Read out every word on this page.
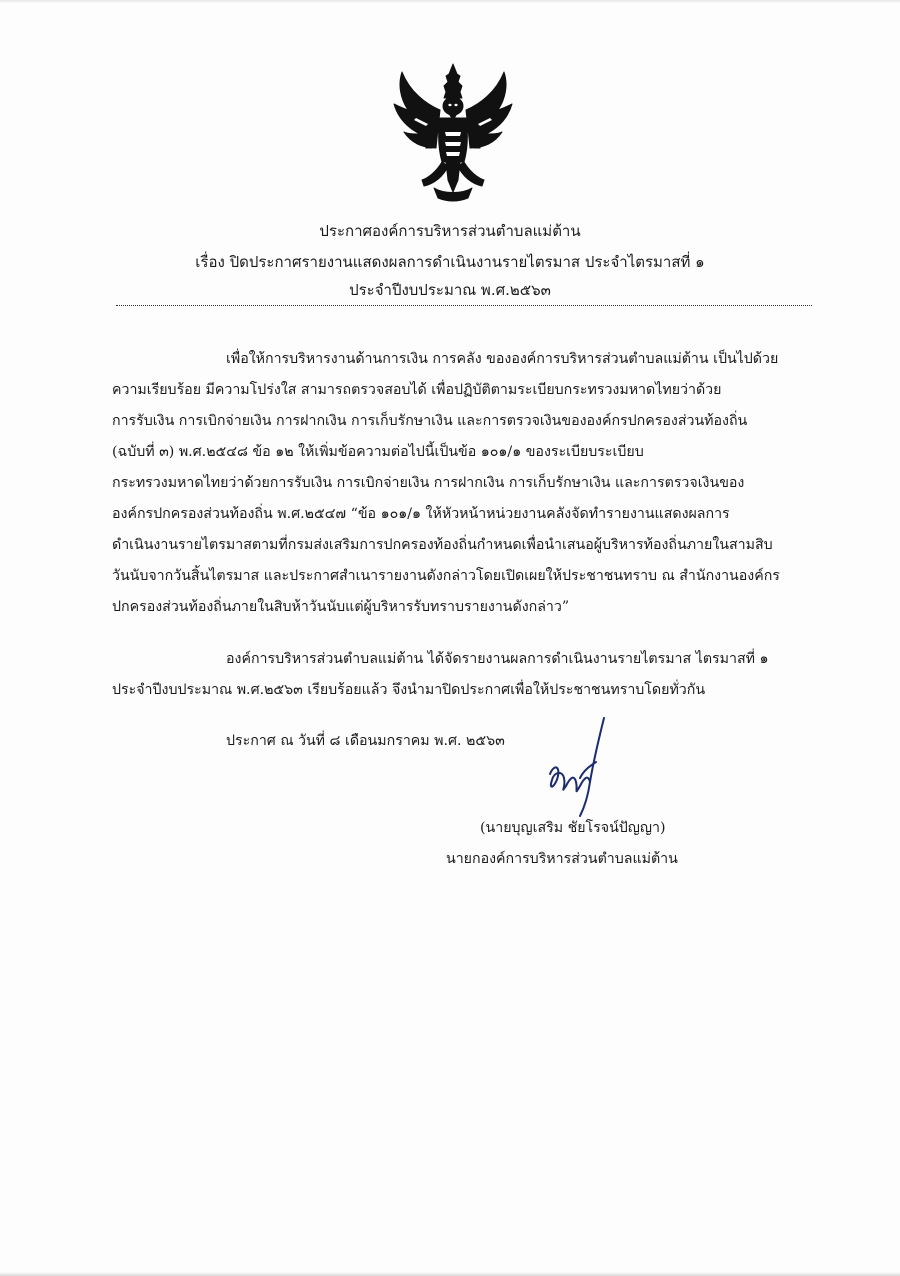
ประกาศองค์การบริหารส่วนตำบลแม่ต้าน
เรื่อง ปิดประกาศรายงานแสดงผลการดำเนินงานรายไตรมาส ประจำไตรมาสที่ ๑
ประจำปีงบประมาณ พ.ศ.๒๕๖๓

เพื่อให้การบริหารงานด้านการเงิน การคลัง ขององค์การบริหารส่วนตำบลแม่ต้าน เป็นไปด้วย

ความเรียบร้อย มีความโปร่งใส สามารถตรวจสอบได้ เพื่อปฏิบัติตามระเบียบกระทรวงมหาดไทยว่าด้วย

การรับเงิน การเบิกจ่ายเงิน การฝากเงิน การเก็บรักษาเงิน และการตรวจเงินขององค์กรปกครองส่วนท้องถิ่น

(ฉบับที่ ๓) พ.ศ.๒๕๔๘ ข้อ ๑๒ ให้เพิ่มข้อความต่อไปนี้เป็นข้อ ๑๐๑/๑ ของระเบียบระเบียบ

กระทรวงมหาดไทยว่าด้วยการรับเงิน การเบิกจ่ายเงิน การฝากเงิน การเก็บรักษาเงิน และการตรวจเงินของ

องค์กรปกครองส่วนท้องถิ่น พ.ศ.๒๕๔๗ “ข้อ ๑๐๑/๑ ให้หัวหน้าหน่วยงานคลังจัดทำรายงานแสดงผลการ

ดำเนินงานรายไตรมาสตามที่กรมส่งเสริมการปกครองท้องถิ่นกำหนดเพื่อนำเสนอผู้บริหารท้องถิ่นภายในสามสิบ

วันนับจากวันสิ้นไตรมาส และประกาศสำเนารายงานดังกล่าวโดยเปิดเผยให้ประชาชนทราบ ณ สำนักงานองค์กร

ปกครองส่วนท้องถิ่นภายในสิบห้าวันนับแต่ผู้บริหารรับทราบรายงานดังกล่าว”

องค์การบริหารส่วนตำบลแม่ต้าน ได้จัดรายงานผลการดำเนินงานรายไตรมาส ไตรมาสที่ ๑

ประจำปีงบประมาณ พ.ศ.๒๕๖๓ เรียบร้อยแล้ว จึงนำมาปิดประกาศเพื่อให้ประชาชนทราบโดยทั่วกัน

ประกาศ ณ วันที่ ๘ เดือนมกราคม พ.ศ. ๒๕๖๓

(นายบุญเสริม ชัยโรจน์ปัญญา)

นายกองค์การบริหารส่วนตำบลแม่ต้าน
